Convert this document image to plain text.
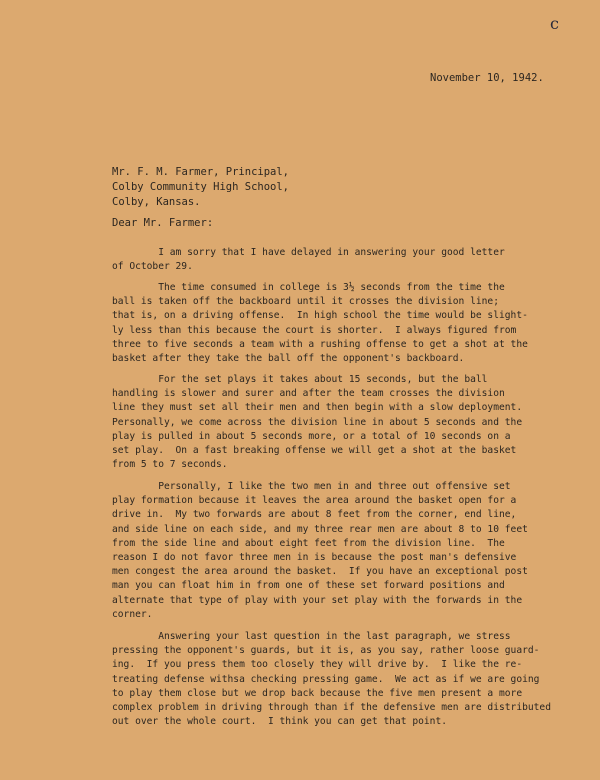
c
November 10, 1942.
Mr. F. M. Farmer, Principal,
Colby Community High School,
Colby, Kansas.
Dear Mr. Farmer:
I am sorry that I have delayed in answering your good letter
of October 29.
The time consumed in college is 3½ seconds from the time the
ball is taken off the backboard until it crosses the division line;
that is, on a driving offense.  In high school the time would be slight-
ly less than this because the court is shorter.  I always figured from
three to five seconds a team with a rushing offense to get a shot at the
basket after they take the ball off the opponent's backboard.
For the set plays it takes about 15 seconds, but the ball
handling is slower and surer and after the team crosses the division
line they must set all their men and then begin with a slow deployment.
Personally, we come across the division line in about 5 seconds and the
play is pulled in about 5 seconds more, or a total of 10 seconds on a
set play.  On a fast breaking offense we will get a shot at the basket
from 5 to 7 seconds.
Personally, I like the two men in and three out offensive set
play formation because it leaves the area around the basket open for a
drive in.  My two forwards are about 8 feet from the corner, end line,
and side line on each side, and my three rear men are about 8 to 10 feet
from the side line and about eight feet from the division line.  The
reason I do not favor three men in is because the post man's defensive
men congest the area around the basket.  If you have an exceptional post
man you can float him in from one of these set forward positions and
alternate that type of play with your set play with the forwards in the
corner.
Answering your last question in the last paragraph, we stress
pressing the opponent's guards, but it is, as you say, rather loose guard-
ing.  If you press them too closely they will drive by.  I like the re-
treating defense withsa checking pressing game.  We act as if we are going
to play them close but we drop back because the five men present a more
complex problem in driving through than if the defensive men are distributed
out over the whole court.  I think you can get that point.
